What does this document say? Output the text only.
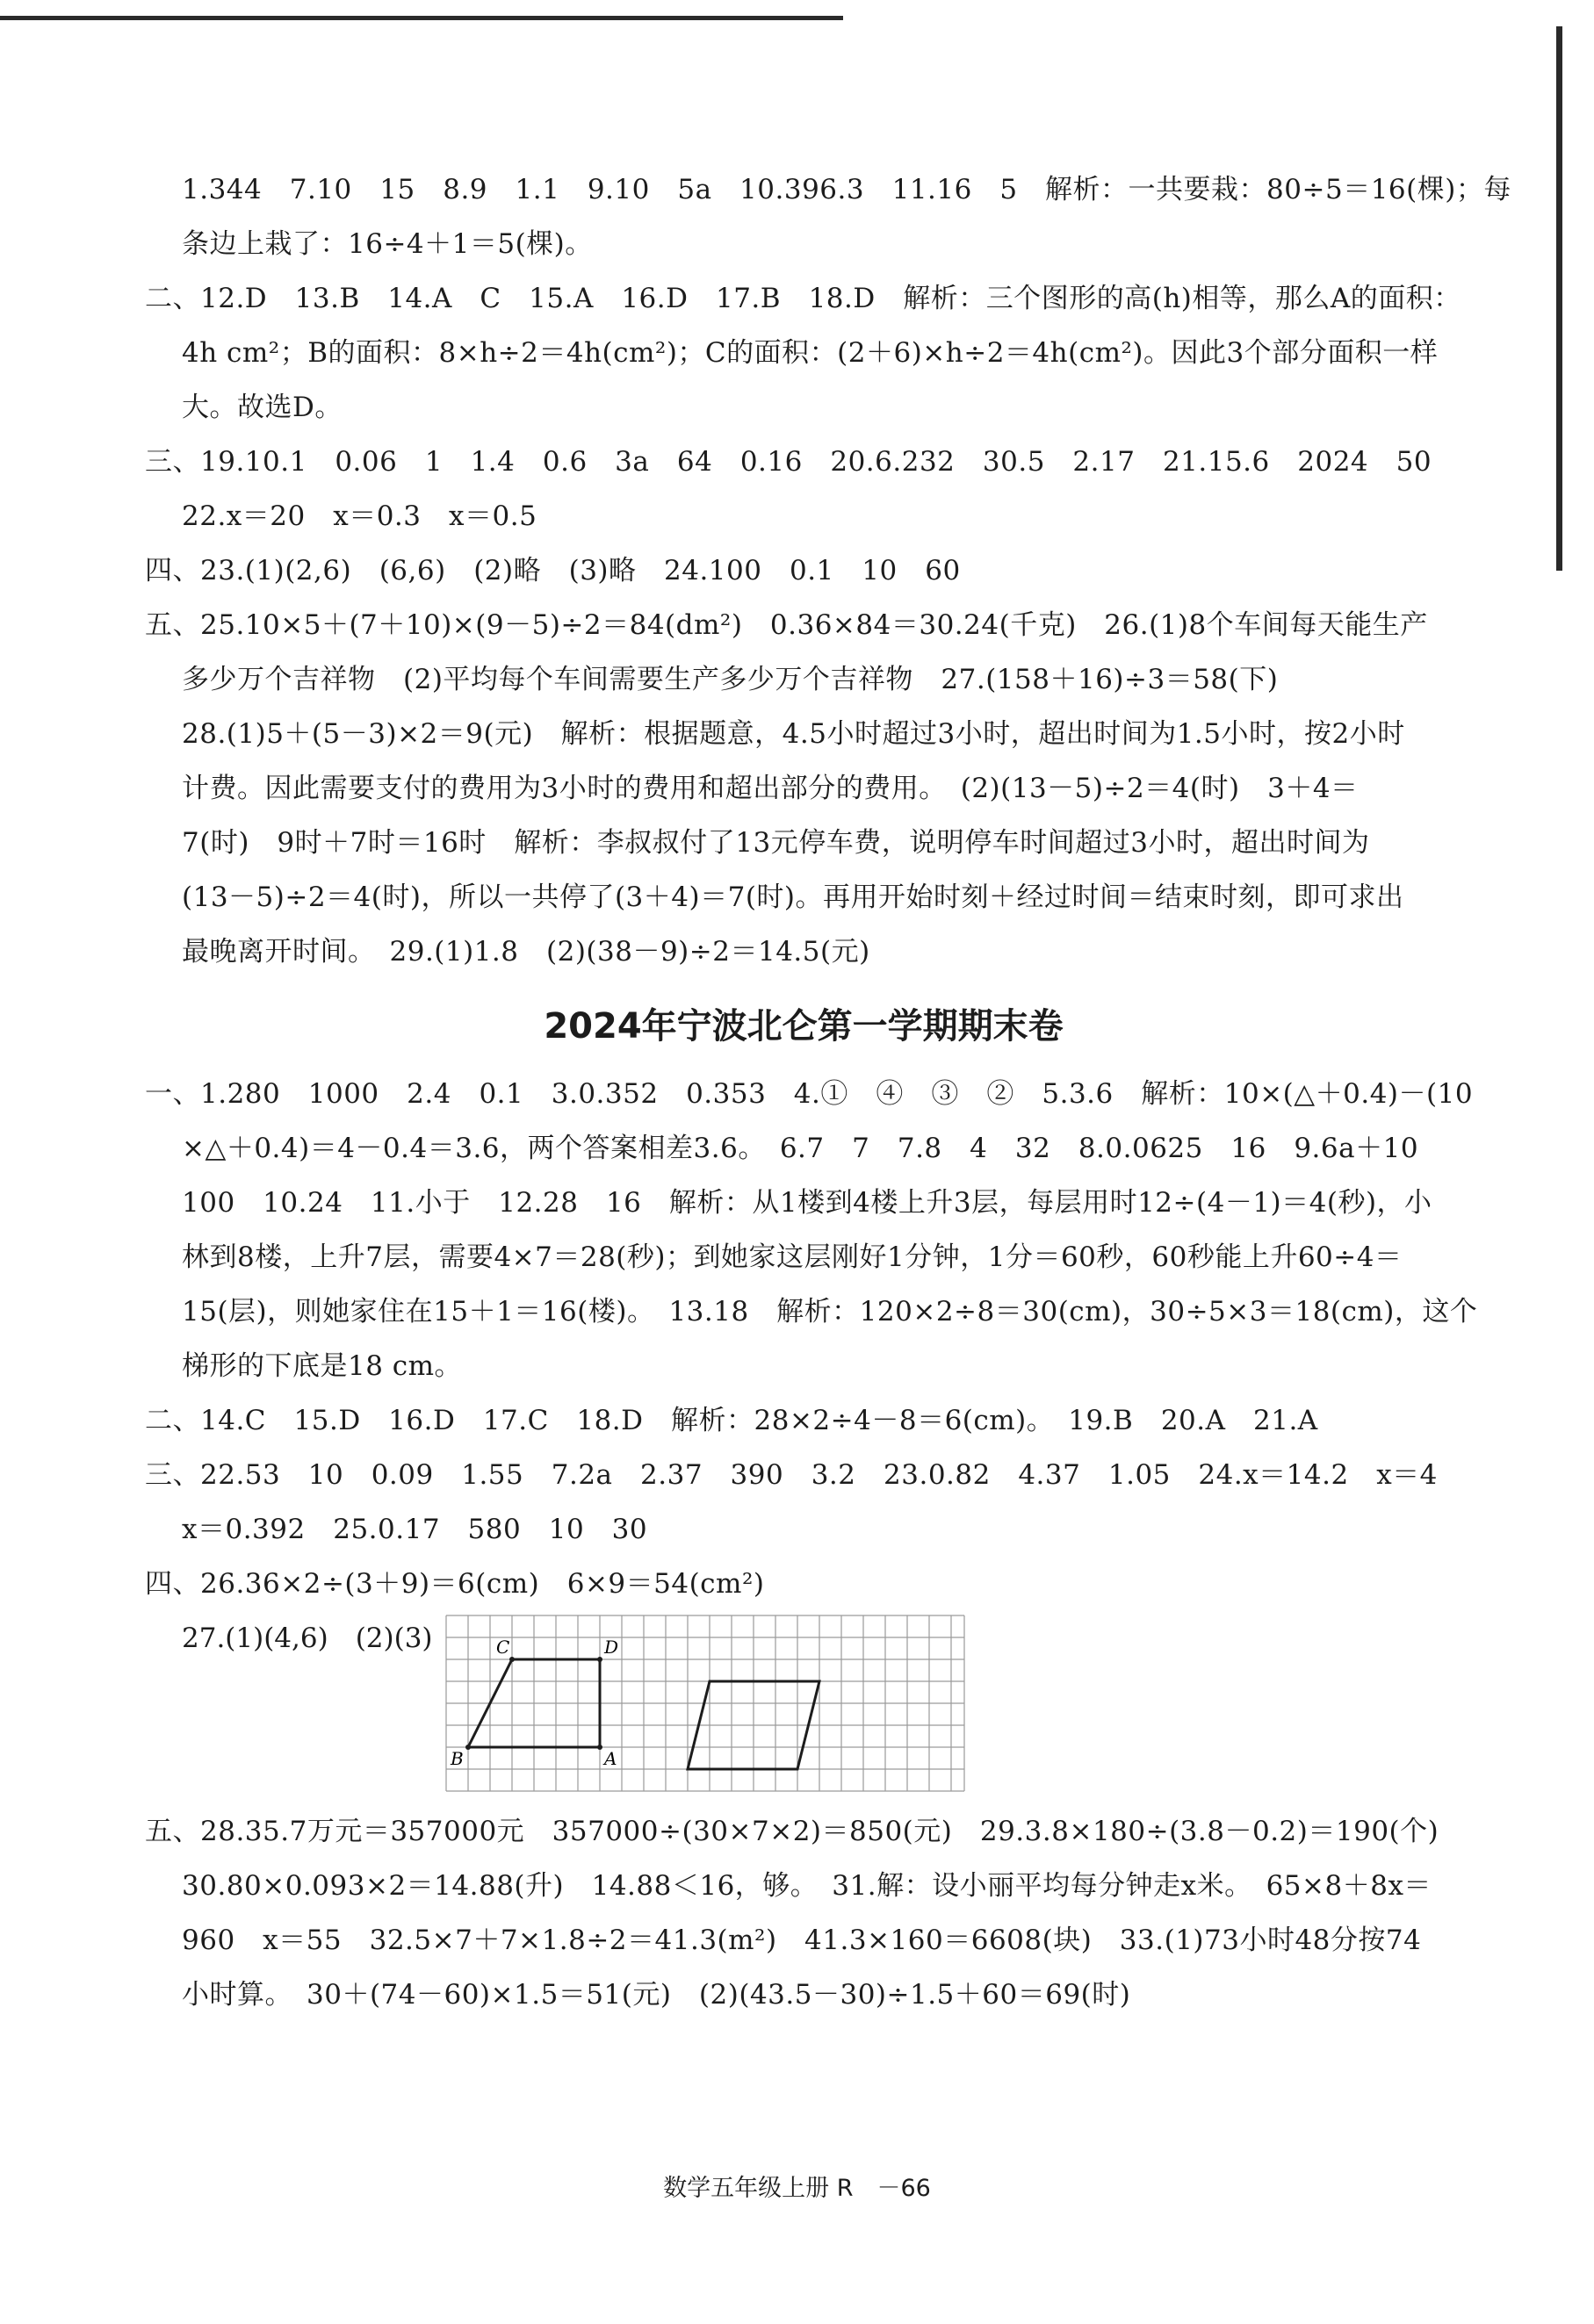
1.344　7.10　15　8.9　1.1　9.10　5a　10.396.3　11.16　5　解析：一共要栽：80÷5＝16(棵)；每
条边上栽了：16÷4＋1＝5(棵)。
二、12.D　13.B　14.A　C　15.A　16.D　17.B　18.D　解析：三个图形的高(h)相等，那么A的面积：
4h cm²；B的面积：8×h÷2＝4h(cm²)；C的面积：(2＋6)×h÷2＝4h(cm²)。因此3个部分面积一样
大。故选D。
三、19.10.1　0.06　1　1.4　0.6　3a　64　0.16　20.6.232　30.5　2.17　21.15.6　2024　50
22.x＝20　x＝0.3　x＝0.5
四、23.(1)(2,6)　(6,6)　(2)略　(3)略　24.100　0.1　10　60
五、25.10×5＋(7＋10)×(9－5)÷2＝84(dm²)　0.36×84＝30.24(千克)　26.(1)8个车间每天能生产
多少万个吉祥物　(2)平均每个车间需要生产多少万个吉祥物　27.(158＋16)÷3＝58(下)
28.(1)5＋(5－3)×2＝9(元)　解析：根据题意，4.5小时超过3小时，超出时间为1.5小时，按2小时
计费。因此需要支付的费用为3小时的费用和超出部分的费用。　(2)(13－5)÷2＝4(时)　3＋4＝
7(时)　9时＋7时＝16时　解析：李叔叔付了13元停车费，说明停车时间超过3小时，超出时间为
(13－5)÷2＝4(时)，所以一共停了(3＋4)＝7(时)。再用开始时刻＋经过时间＝结束时刻，即可求出
最晚离开时间。　29.(1)1.8　(2)(38－9)÷2＝14.5(元)
2024年宁波北仑第一学期期末卷
一、1.280　1000　2.4　0.1　3.0.352　0.353　4.①　④　③　②　5.3.6　解析：10×(△＋0.4)－(10
×△＋0.4)＝4－0.4＝3.6，两个答案相差3.6。　6.7　7　7.8　4　32　8.0.0625　16　9.6a＋10
100　10.24　11.小于　12.28　16　解析：从1楼到4楼上升3层，每层用时12÷(4－1)＝4(秒)，小
林到8楼，上升7层，需要4×7＝28(秒)；到她家这层刚好1分钟，1分＝60秒，60秒能上升60÷4＝
15(层)，则她家住在15＋1＝16(楼)。　13.18　解析：120×2÷8＝30(cm)，30÷5×3＝18(cm)，这个
梯形的下底是18 cm。
二、14.C　15.D　16.D　17.C　18.D　解析：28×2÷4－8＝6(cm)。　19.B　20.A　21.A
三、22.53　10　0.09　1.55　7.2a　2.37　390　3.2　23.0.82　4.37　1.05　24.x＝14.2　x＝4
x＝0.392　25.0.17　580　10　30
四、26.36×2÷(3＋9)＝6(cm)　6×9＝54(cm²)
27.(1)(4,6)　(2)(3)	C	D
B	A
五、28.35.7万元＝357000元　357000÷(30×7×2)＝850(元)　29.3.8×180÷(3.8－0.2)＝190(个)
30.80×0.093×2＝14.88(升)　14.88＜16，够。　31.解：设小丽平均每分钟走x米。　65×8＋8x＝
960　x＝55　32.5×7＋7×1.8÷2＝41.3(m²)　41.3×160＝6608(块)　33.(1)73小时48分按74
小时算。　30＋(74－60)×1.5＝51(元)　(2)(43.5－30)÷1.5＋60＝69(时)
数学五年级上册 R　－66
